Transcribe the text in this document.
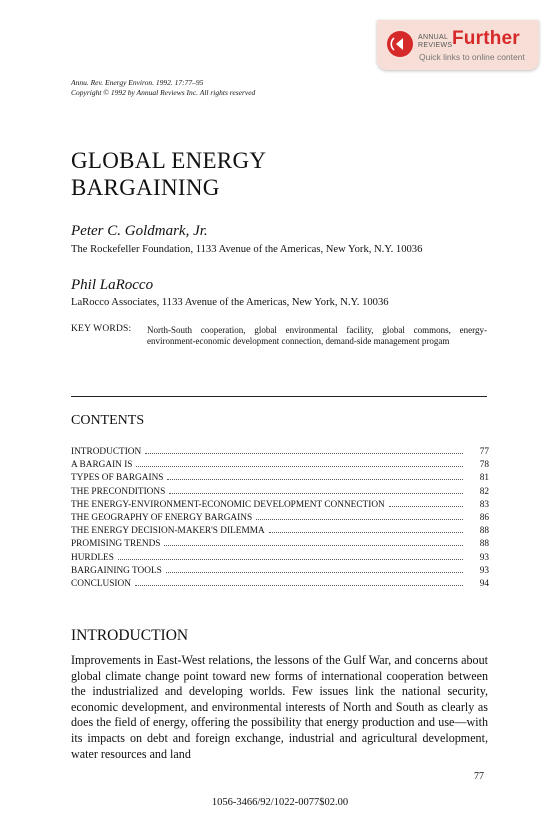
ANNUAL
REVIEWS Further
Quick links to online content
Annu. Rev. Energy Environ. 1992. 17:77–95
Copyright © 1992 by Annual Reviews Inc. All rights reserved
GLOBAL ENERGY
BARGAINING
Peter C. Goldmark, Jr.
The Rockefeller Foundation, 1133 Avenue of the Americas, New York, N.Y. 10036
Phil LaRocco
LaRocco Associates, 1133 Avenue of the Americas, New York, N.Y. 10036
KEY WORDS: North-South cooperation, global environmental facility, global commons, energy-environment-economic development connection, demand-side management progam
CONTENTS
INTRODUCTION	77
A BARGAIN IS	78
TYPES OF BARGAINS	81
THE PRECONDITIONS	82
THE ENERGY-ENVIRONMENT-ECONOMIC DEVELOPMENT CONNECTION	83
THE GEOGRAPHY OF ENERGY BARGAINS	86
THE ENERGY DECISION-MAKER'S DILEMMA	88
PROMISING TRENDS	88
HURDLES	93
BARGAINING TOOLS	93
CONCLUSION	94
INTRODUCTION

Improvements in East-West relations, the lessons of the Gulf War, and concerns about global climate change point toward new forms of international cooperation between the industrialized and developing worlds. Few issues link the national security, economic development, and environmental interests of North and South as clearly as does the field of energy, offering the possibility that energy production and use—with its impacts on debt and foreign exchange, industrial and agricultural development, water resources and land

77
1056-3466/92/1022-0077$02.00
